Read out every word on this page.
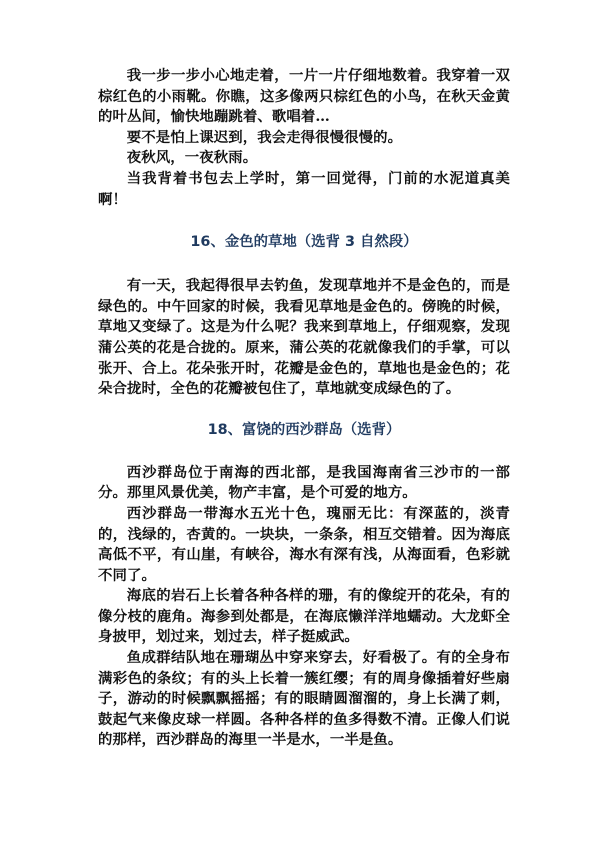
我一步一步小心地走着，一片一片仔细地数着。我穿着一双棕红色的小雨靴。你瞧，这多像两只棕红色的小鸟，在秋天金黄的叶丛间，愉快地蹦跳着、歌唱着…

要不是怕上课迟到，我会走得很慢很慢的。

夜秋风，一夜秋雨。

当我背着书包去上学时，第一回觉得，门前的水泥道真美啊！

16、金色的草地（选背 3 自然段）

有一天，我起得很早去钓鱼，发现草地并不是金色的，而是绿色的。中午回家的时候，我看见草地是金色的。傍晚的时候，草地又变绿了。这是为什么呢？我来到草地上，仔细观察，发现蒲公英的花是合拢的。原来，蒲公英的花就像我们的手掌，可以张开、合上。花朵张开时，花瓣是金色的，草地也是金色的；花朵合拢时，全色的花瓣被包住了，草地就变成绿色的了。

18、富饶的西沙群岛（选背）

西沙群岛位于南海的西北部，是我国海南省三沙市的一部分。那里风景优美，物产丰富，是个可爱的地方。

西沙群岛一带海水五光十色，瑰丽无比：有深蓝的，淡青的，浅绿的，杏黄的。一块块，一条条，相互交错着。因为海底高低不平，有山崖，有峡谷，海水有深有浅，从海面看，色彩就不同了。

海底的岩石上长着各种各样的珊，有的像绽开的花朵，有的像分枝的鹿角。海参到处都是，在海底懒洋洋地蠕动。大龙虾全身披甲，划过来，划过去，样子挺威武。

鱼成群结队地在珊瑚丛中穿来穿去，好看极了。有的全身布满彩色的条纹；有的头上长着一簇红缨；有的周身像插着好些扇子，游动的时候飘飘摇摇；有的眼睛圆溜溜的，身上长满了刺，鼓起气来像皮球一样圆。各种各样的鱼多得数不清。正像人们说的那样，西沙群岛的海里一半是水，一半是鱼。
